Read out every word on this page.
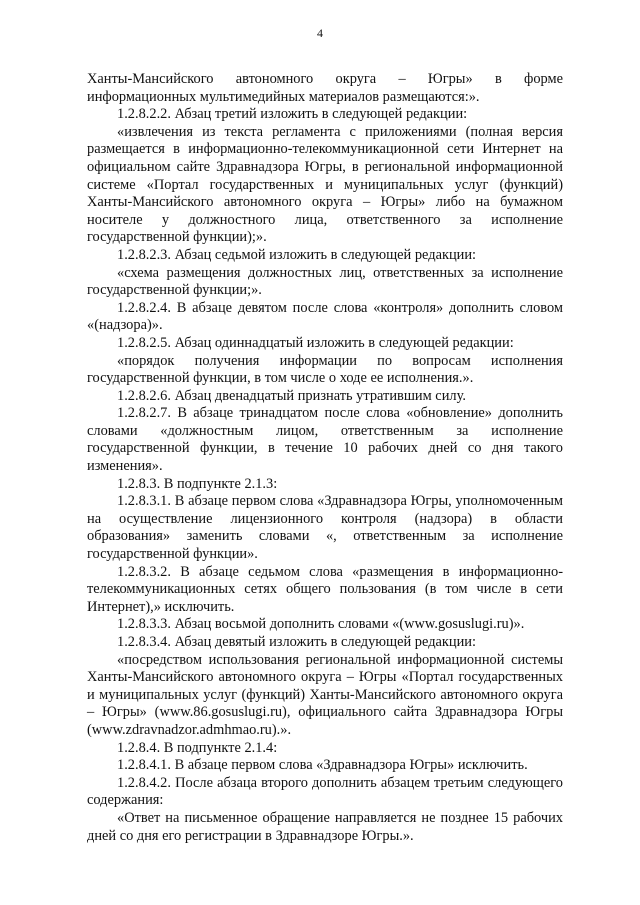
4

Ханты-Мансийского автономного округа – Югры» в форме информационных мультимедийных материалов размещаются:».

1.2.8.2.2. Абзац третий изложить в следующей редакции:

«извлечения из текста регламента с приложениями (полная версия размещается в информационно-телекоммуникационной сети Интернет на официальном сайте Здравнадзора Югры, в региональной информационной системе «Портал государственных и муниципальных услуг (функций) Ханты-Мансийского автономного округа – Югры» либо на бумажном носителе у должностного лица, ответственного за исполнение государственной функции);».

1.2.8.2.3. Абзац седьмой изложить в следующей редакции:

«схема размещения должностных лиц, ответственных за исполнение государственной функции;».

1.2.8.2.4. В абзаце девятом после слова «контроля» дополнить словом «(надзора)».

1.2.8.2.5. Абзац одиннадцатый изложить в следующей редакции:

«порядок получения информации по вопросам исполнения государственной функции, в том числе о ходе ее исполнения.».

1.2.8.2.6. Абзац двенадцатый признать утратившим силу.

1.2.8.2.7. В абзаце тринадцатом после слова «обновление» дополнить словами «должностным лицом, ответственным за исполнение государственной функции, в течение 10 рабочих дней со дня такого изменения».

1.2.8.3. В подпункте 2.1.3:

1.2.8.3.1. В абзаце первом слова «Здравнадзора Югры, уполномоченным на осуществление лицензионного контроля (надзора) в области образования» заменить словами «, ответственным за исполнение государственной функции».

1.2.8.3.2. В абзаце седьмом слова «размещения в информационно-телекоммуникационных сетях общего пользования (в том числе в сети Интернет),» исключить.

1.2.8.3.3. Абзац восьмой дополнить словами «(www.gosuslugi.ru)».

1.2.8.3.4. Абзац девятый изложить в следующей редакции:

«посредством использования региональной информационной системы Ханты-Мансийского автономного округа – Югры «Портал государственных и муниципальных услуг (функций) Ханты-Мансийского автономного округа – Югры» (www.86.gosuslugi.ru), официального сайта Здравнадзора Югры (www.zdravnadzor.admhmao.ru).».

1.2.8.4. В подпункте 2.1.4:

1.2.8.4.1. В абзаце первом слова «Здравнадзора Югры» исключить.

1.2.8.4.2. После абзаца второго дополнить абзацем третьим следующего содержания:

«Ответ на письменное обращение направляется не позднее 15 рабочих дней со дня его регистрации в Здравнадзоре Югры.».
